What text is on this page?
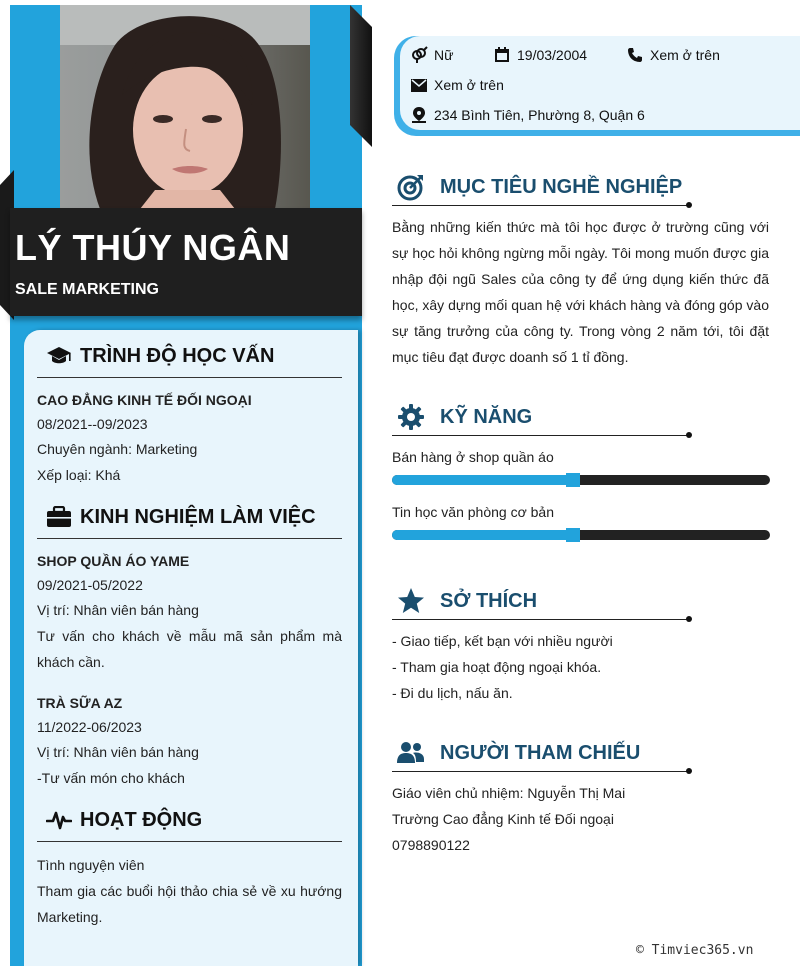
LÝ THÚY NGÂN
SALE MARKETING
TRÌNH ĐỘ HỌC VẤN
CAO ĐẲNG KINH TẾ ĐỐI NGOẠI
08/2021--09/2023
Chuyên ngành: Marketing
Xếp loại: Khá
KINH NGHIỆM LÀM VIỆC
SHOP QUẦN ÁO YAME
09/2021-05/2022
Vị trí: Nhân viên bán hàng
Tư vấn cho khách về mẫu mã sản phẩm mà khách cần.
TRÀ SỮA AZ
11/2022-06/2023
Vị trí: Nhân viên bán hàng
-Tư vấn món cho khách
HOẠT ĐỘNG
Tình nguyện viên
Tham gia các buổi hội thảo chia sẻ về xu hướng Marketing.
Nữ	19/03/2004	Xem ở trên
Xem ở trên
234 Bình Tiên, Phường 8, Quận 6
MỤC TIÊU NGHỀ NGHIỆP
Bằng những kiến thức mà tôi học được ở trường cũng với sự học hỏi không ngừng mỗi ngày. Tôi mong muốn được gia nhập đội ngũ Sales của công ty để ứng dụng kiến thức đã học, xây dựng mối quan hệ với khách hàng và đóng góp vào sự tăng trưởng của công ty. Trong vòng 2 năm tới, tôi đặt mục tiêu đạt được doanh số 1 tỉ đồng.
KỸ NĂNG
Bán hàng ở shop quần áo
Tin học văn phòng cơ bản
SỞ THÍCH
- Giao tiếp, kết bạn với nhiều người
- Tham gia hoạt động ngoại khóa.
- Đi du lịch, nấu ăn.
NGƯỜI THAM CHIẾU
Giáo viên chủ nhiệm: Nguyễn Thị Mai
Trường Cao đẳng Kinh tế Đối ngoại
0798890122
© Timviec365.vn
